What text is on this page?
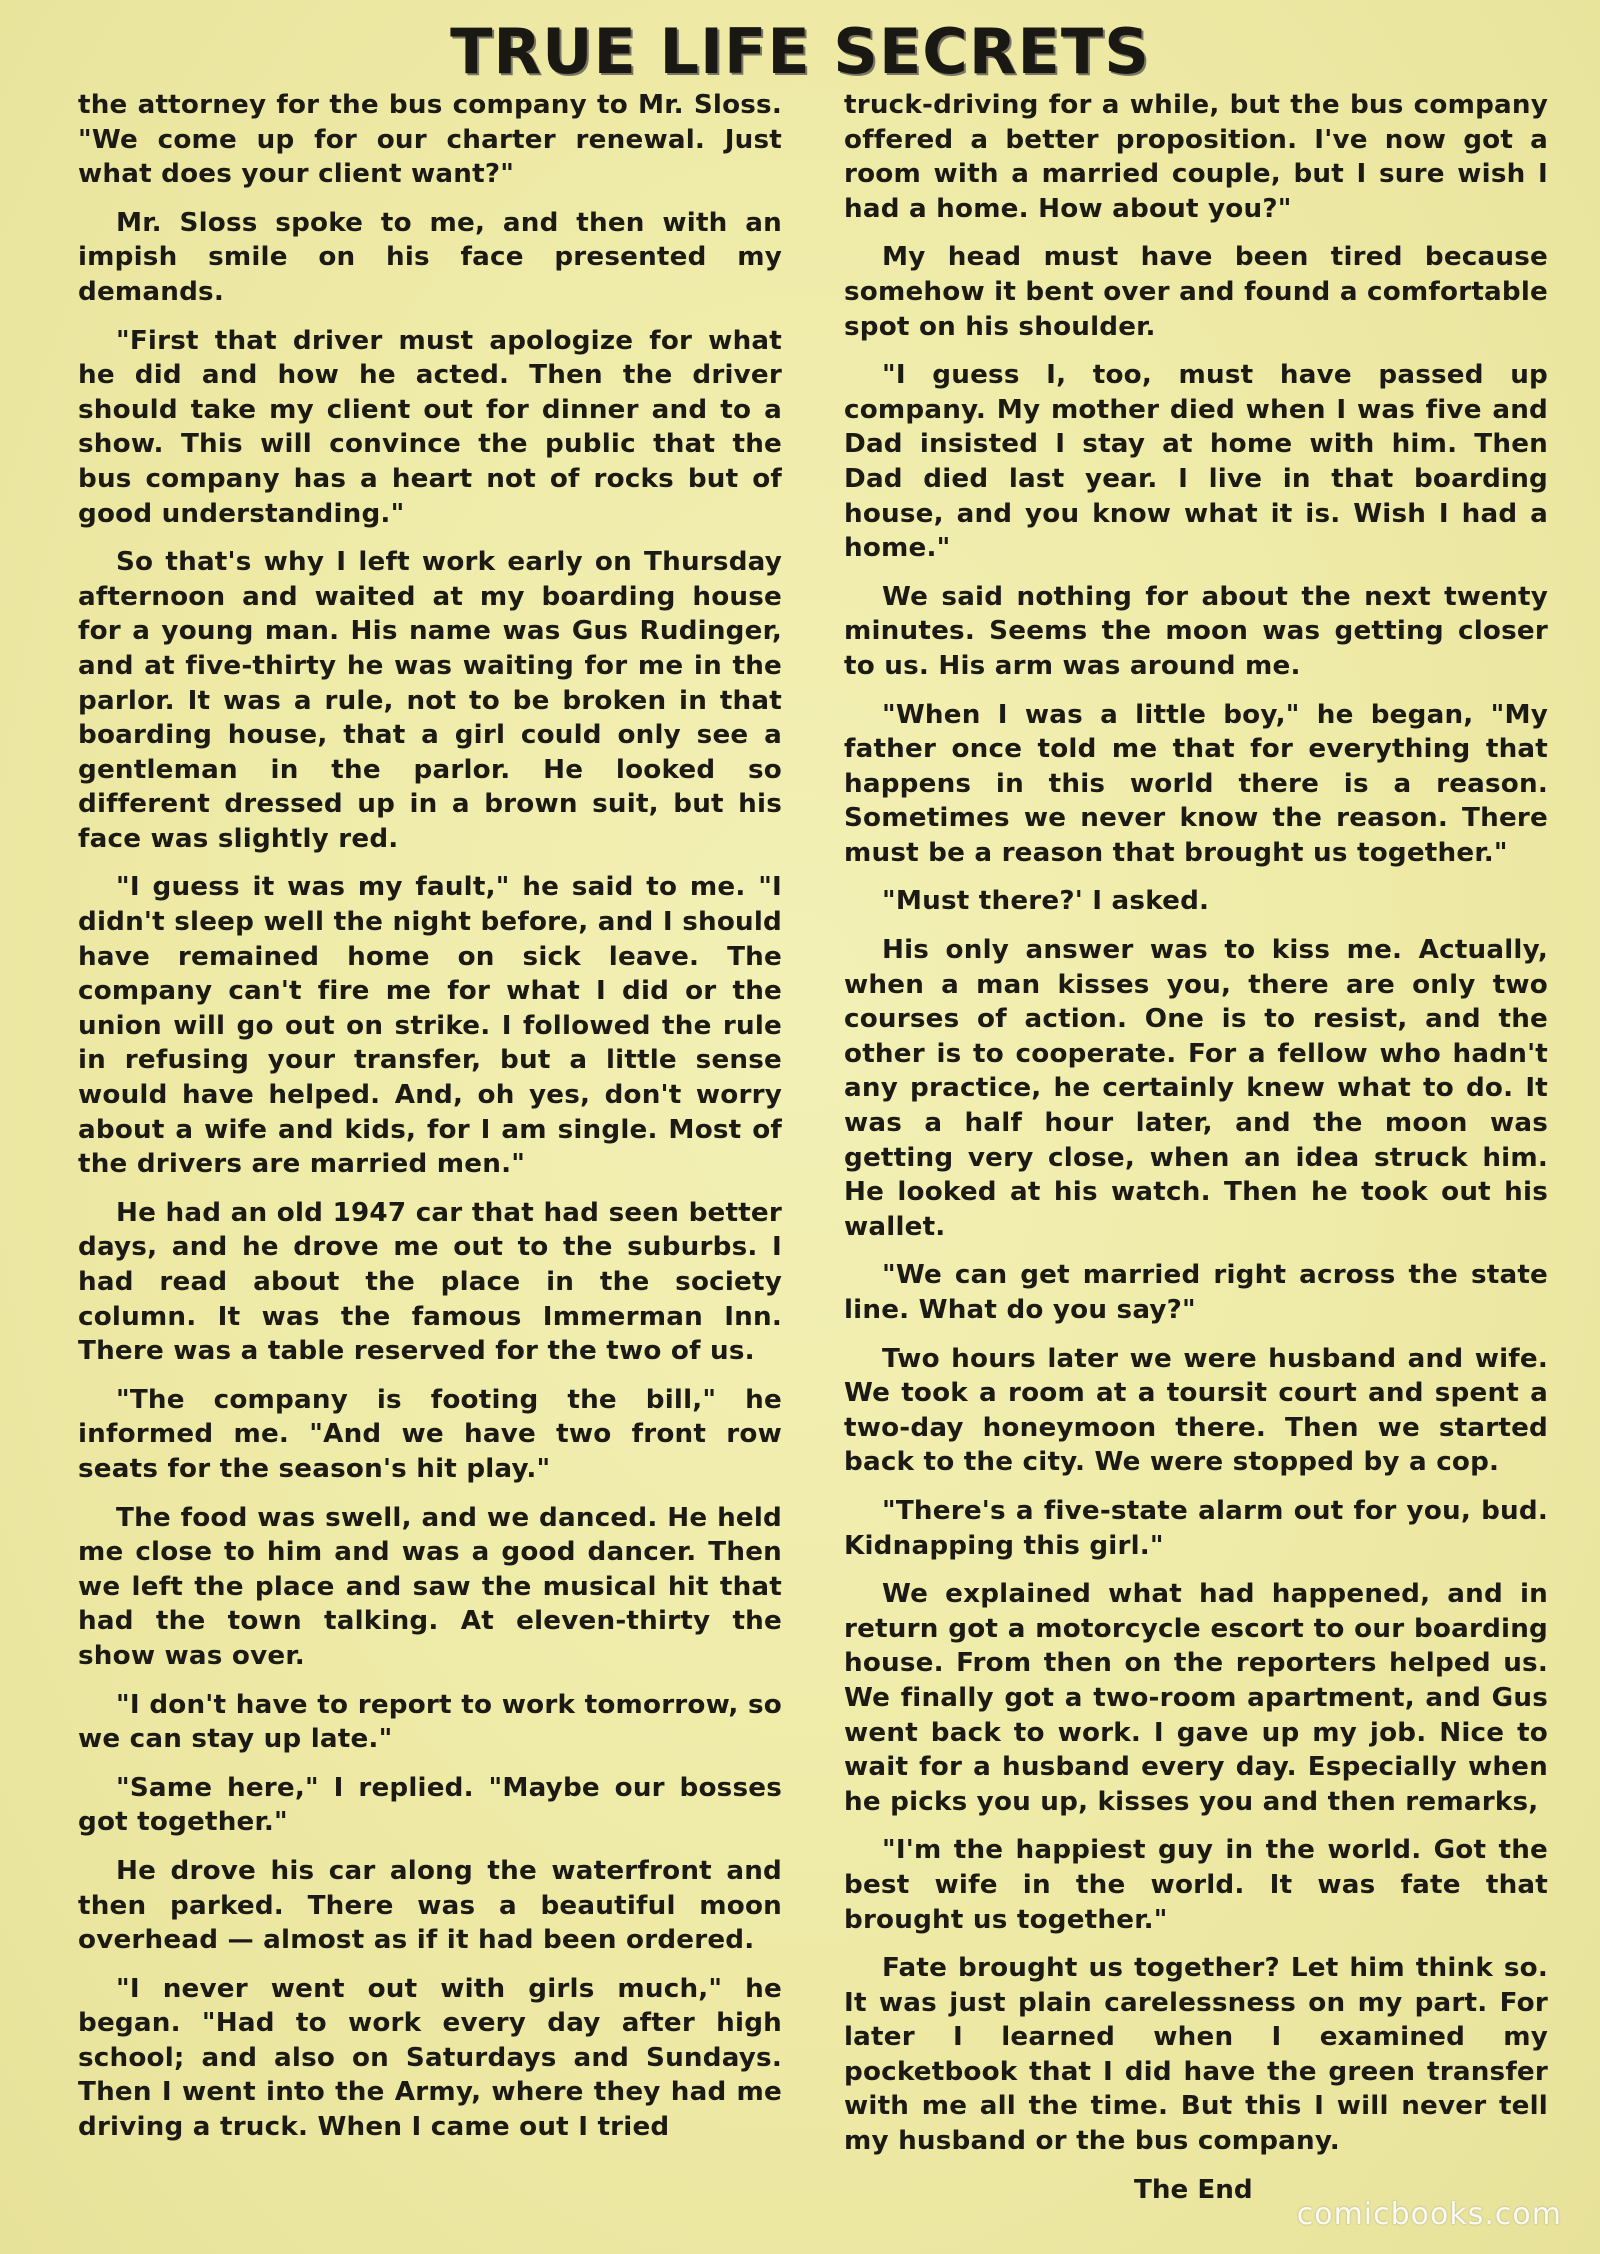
TRUE LIFE SECRETS

the attorney for the bus company to Mr. Sloss. "We come up for our charter renewal. Just what does your client want?"

Mr. Sloss spoke to me, and then with an impish smile on his face presented my demands.

"First that driver must apologize for what he did and how he acted. Then the driver should take my client out for dinner and to a show. This will convince the public that the bus company has a heart not of rocks but of good understanding."

So that's why I left work early on Thursday afternoon and waited at my boarding house for a young man. His name was Gus Rudinger, and at five-thirty he was waiting for me in the parlor. It was a rule, not to be broken in that boarding house, that a girl could only see a gentleman in the parlor. He looked so different dressed up in a brown suit, but his face was slightly red.

"I guess it was my fault," he said to me. "I didn't sleep well the night before, and I should have remained home on sick leave. The company can't fire me for what I did or the union will go out on strike. I followed the rule in refusing your transfer, but a little sense would have helped. And, oh yes, don't worry about a wife and kids, for I am single. Most of the drivers are married men."

He had an old 1947 car that had seen better days, and he drove me out to the suburbs. I had read about the place in the society column. It was the famous Immerman Inn. There was a table reserved for the two of us.

"The company is footing the bill," he informed me. "And we have two front row seats for the season's hit play."

The food was swell, and we danced. He held me close to him and was a good dancer. Then we left the place and saw the musical hit that had the town talking. At eleven-thirty the show was over.

"I don't have to report to work tomorrow, so we can stay up late."

"Same here," I replied. "Maybe our bosses got together."

He drove his car along the waterfront and then parked. There was a beautiful moon overhead — almost as if it had been ordered.

"I never went out with girls much," he began. "Had to work every day after high school; and also on Saturdays and Sundays. Then I went into the Army, where they had me driving a truck. When I came out I tried

truck-driving for a while, but the bus company offered a better proposition. I've now got a room with a married couple, but I sure wish I had a home. How about you?"

My head must have been tired because somehow it bent over and found a comfortable spot on his shoulder.

"I guess I, too, must have passed up company. My mother died when I was five and Dad insisted I stay at home with him. Then Dad died last year. I live in that boarding house, and you know what it is. Wish I had a home."

We said nothing for about the next twenty minutes. Seems the moon was getting closer to us. His arm was around me.

"When I was a little boy," he began, "My father once told me that for everything that happens in this world there is a reason. Sometimes we never know the reason. There must be a reason that brought us together."

"Must there?' I asked.

His only answer was to kiss me. Actually, when a man kisses you, there are only two courses of action. One is to resist, and the other is to cooperate. For a fellow who hadn't any practice, he certainly knew what to do. It was a half hour later, and the moon was getting very close, when an idea struck him. He looked at his watch. Then he took out his wallet.

"We can get married right across the state line. What do you say?"

Two hours later we were husband and wife. We took a room at a toursit court and spent a two-day honeymoon there. Then we started back to the city. We were stopped by a cop.

"There's a five-state alarm out for you, bud. Kidnapping this girl."

We explained what had happened, and in return got a motorcycle escort to our boarding house. From then on the reporters helped us. We finally got a two-room apartment, and Gus went back to work. I gave up my job. Nice to wait for a husband every day. Especially when he picks you up, kisses you and then remarks,

"I'm the happiest guy in the world. Got the best wife in the world. It was fate that brought us together."

Fate brought us together? Let him think so. It was just plain carelessness on my part. For later I learned when I examined my pocketbook that I did have the green transfer with me all the time. But this I will never tell my husband or the bus company.

The End

comicbooks.com
